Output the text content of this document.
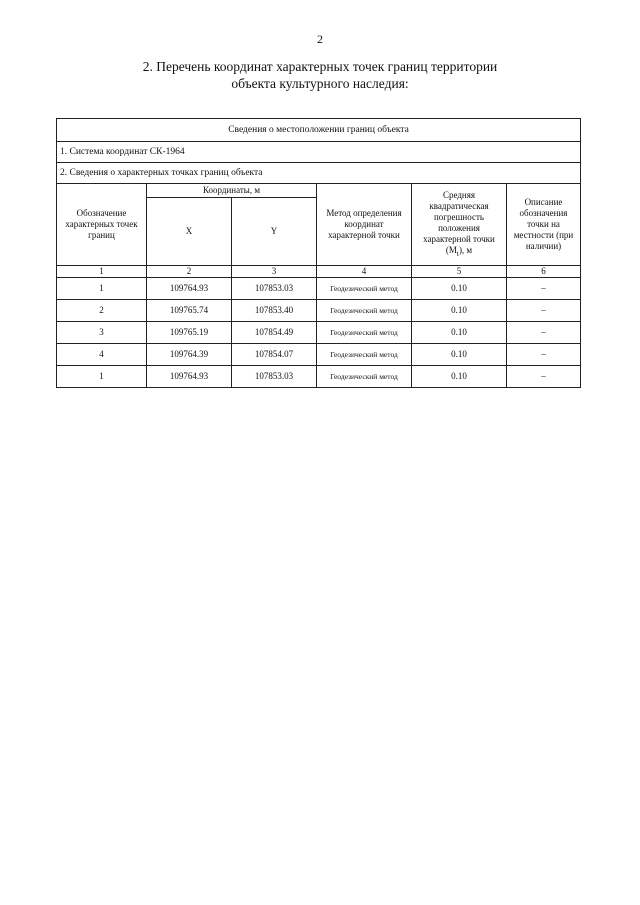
2
2. Перечень координат характерных точек границ территории
объекта культурного наследия:
Сведения о местоположении границ объекта					
1. Система координат СК-1964					
2. Сведения о характерных точках границ объекта					
Обозначение характерных точек границ	Координаты, м		Метод определения координат характерной точки	Средняя квадратическая погрешность положения характерной точки $(M_t)$, м	Описание обозначения точки на местности (при наличии)
	X	Y			
1	2	3	4	5	6
1	109764.93	107853.03	Геодезический метод	0.10	–
2	109765.74	107853.40	Геодезический метод	0.10	–
3	109765.19	107854.49	Геодезический метод	0.10	–
4	109764.39	107854.07	Геодезический метод	0.10	–
1	109764.93	107853.03	Геодезический метод	0.10	–
